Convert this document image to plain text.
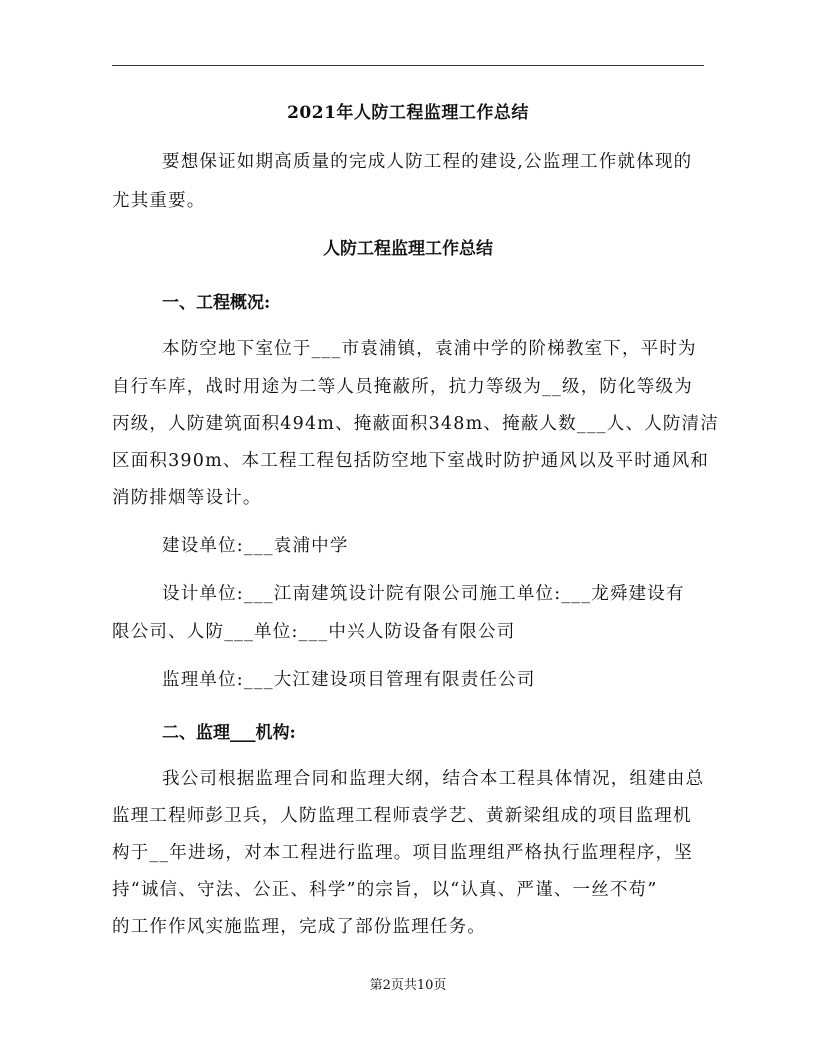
2021年人防工程监理工作总结
要想保证如期高质量的完成人防工程的建设,公监理工作就体现的
尤其重要。
人防工程监理工作总结
一、工程概况:
本防空地下室位于___市袁浦镇，袁浦中学的阶梯教室下，平时为
自行车库，战时用途为二等人员掩蔽所，抗力等级为__级，防化等级为
丙级，人防建筑面积494m、掩蔽面积348m、掩蔽人数___人、人防清洁
区面积390m、本工程工程包括防空地下室战时防护通风以及平时通风和
消防排烟等设计。
建设单位:___袁浦中学
设计单位:___江南建筑设计院有限公司施工单位:___龙舜建设有
限公司、人防___单位:___中兴人防设备有限公司
监理单位:___大江建设项目管理有限责任公司
二、监理___机构:
我公司根据监理合同和监理大纲，结合本工程具体情况，组建由总
监理工程师彭卫兵，人防监理工程师袁学艺、黄新梁组成的项目监理机
构于__年进场，对本工程进行监理。项目监理组严格执行监理程序，坚
持“诚信、守法、公正、科学”的宗旨，以“认真、严谨、一丝不苟”
的工作作风实施监理，完成了部份监理任务。
第2页共10页
